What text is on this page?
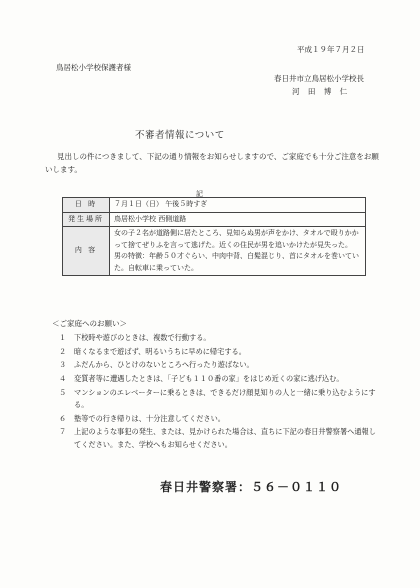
平成１９年７月２日
鳥居松小学校保護者様
春日井市立鳥居松小学校長
河 田 博 仁
不審者情報について
見出しの件につきまして、下記の通り情報をお知らせしますので、ご家庭でも十分ご注意をお願いします。
記
日 時	７月１日（日） 午後５時すぎ
発生場所	鳥居松小学校 西側道路
内 容	女の子２名が道路側に居たところ、見知らぬ男が声をかけ、タオルで殴りかかって捨てぜりふを言って逃げた。近くの住民が男を追いかけたが見失った。
男の特徴：年齢５０才ぐらい、中肉中背、白髪混じり、首にタオルを巻いていた。自転車に乗っていた。
＜ご家庭へのお願い＞
１ 下校時や遊びのときは、複数で行動する。
２ 暗くなるまで遊ばず、明るいうちに早めに帰宅する。
３ ふだんから、ひとけのないところへ行ったり遊ばない。
４ 変質者等に遭遇したときは、「子ども１１０番の家」をはじめ近くの家に逃げ込む。
５ マンションのエレベーターに乗るときは、できるだけ顔見知りの人と一緒に乗り込むようにする。
６ 塾等での行き帰りは、十分注意してください。
７ 上記のような事犯の発生、または、見かけられた場合は、直ちに下記の春日井警察署へ通報してください。また、学校へもお知らせください。
春日井警察署：５６－０１１０
